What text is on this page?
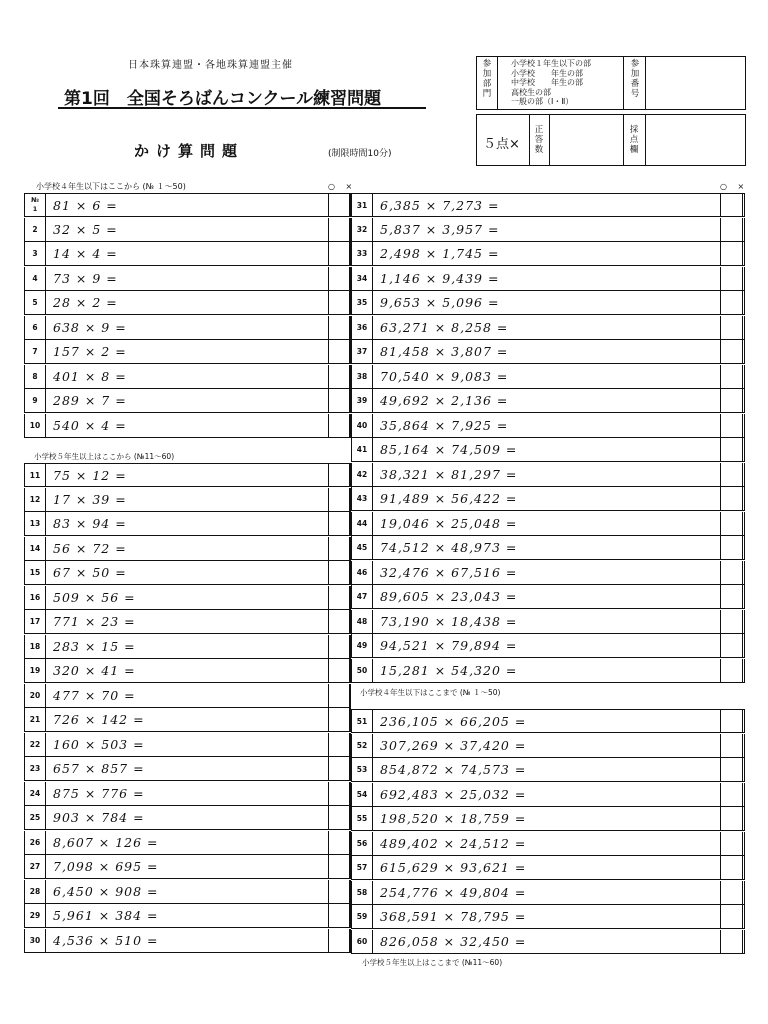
日本珠算連盟・各地珠算連盟主催
第1回　全国そろばんコンクール練習問題
かけ算問題	(制限時間10分)
参
加
部
門
小学校１年生以下の部
小学校　　年生の部
中学校　　年生の部
高校生の部
一般の部（Ⅰ・Ⅱ）
参
加
番
号
５点×
正
答
数
採
点
欄
小学校４年生以下はここから (№ １～50)	○ ×	○ ×
№
1	81 × 6 =
2	32 × 5 =
3	14 × 4 =
4	73 × 9 =
5	28 × 2 =
6	638 × 9 =
7	157 × 2 =
8	401 × 8 =
9	289 × 7 =
10	540 × 4 =
小学校５年生以上はここから (№11～60)
11	75 × 12 =
12	17 × 39 =
13	83 × 94 =
14	56 × 72 =
15	67 × 50 =
16	509 × 56 =
17	771 × 23 =
18	283 × 15 =
19	320 × 41 =
20	477 × 70 =
21	726 × 142 =
22	160 × 503 =
23	657 × 857 =
24	875 × 776 =
25	903 × 784 =
26	8,607 × 126 =
27	7,098 × 695 =
28	6,450 × 908 =
29	5,961 × 384 =
30	4,536 × 510 =
31	6,385 × 7,273 =
32	5,837 × 3,957 =
33	2,498 × 1,745 =
34	1,146 × 9,439 =
35	9,653 × 5,096 =
36	63,271 × 8,258 =
37	81,458 × 3,807 =
38	70,540 × 9,083 =
39	49,692 × 2,136 =
40	35,864 × 7,925 =
41	85,164 × 74,509 =
42	38,321 × 81,297 =
43	91,489 × 56,422 =
44	19,046 × 25,048 =
45	74,512 × 48,973 =
46	32,476 × 67,516 =
47	89,605 × 23,043 =
48	73,190 × 18,438 =
49	94,521 × 79,894 =
50	15,281 × 54,320 =
小学校４年生以下はここまで (№ １～50)
51	236,105 × 66,205 =
52	307,269 × 37,420 =
53	854,872 × 74,573 =
54	692,483 × 25,032 =
55	198,520 × 18,759 =
56	489,402 × 24,512 =
57	615,629 × 93,621 =
58	254,776 × 49,804 =
59	368,591 × 78,795 =
60	826,058 × 32,450 =
小学校５年生以上はここまで (№11～60)
